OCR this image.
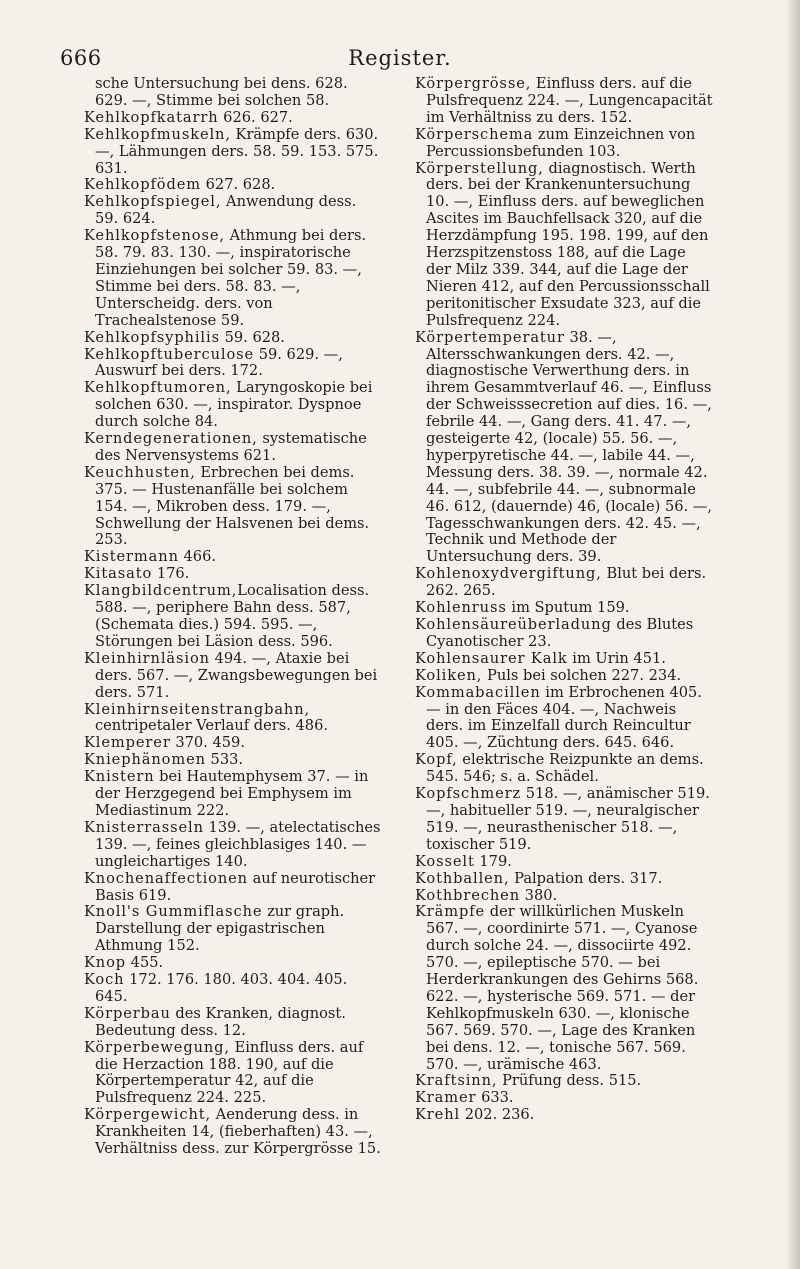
666	Register.

sche Untersuchung bei dens. 628. 629. —, Stimme bei solchen 58.

Kehlkopfkatarrh 626. 627.

Kehlkopfmuskeln, Krämpfe ders. 630. —, Lähmungen ders. 58. 59. 153. 575. 631.

Kehlkopfödem 627. 628.

Kehlkopfspiegel, Anwendung dess. 59. 624.

Kehlkopfstenose, Athmung bei ders. 58. 79. 83. 130. —, inspiratorische Einziehungen bei solcher 59. 83. —, Stimme bei ders. 58. 83. —, Unterscheidg. ders. von Trachealstenose 59.

Kehlkopfsyphilis 59. 628.

Kehlkopftuberculose 59. 629. —, Auswurf bei ders. 172.

Kehlkopftumoren, Laryngoskopie bei solchen 630. —, inspirator. Dyspnoe durch solche 84.

Kerndegenerationen, systematische des Nervensystems 621.

Keuchhusten, Erbrechen bei dems. 375. — Hustenanfälle bei solchem 154. —, Mikroben dess. 179. —, Schwellung der Halsvenen bei dems. 253.

Kistermann 466.

Kitasato 176.

Klangbildcentrum,Localisation dess. 588. —, periphere Bahn dess. 587, (Schemata dies.) 594. 595. —, Störungen bei Läsion dess. 596.

Kleinhirnläsion 494. —, Ataxie bei ders. 567. —, Zwangsbewegungen bei ders. 571.

Kleinhirnseitenstrangbahn, centripetaler Verlauf ders. 486.

Klemperer 370. 459.

Kniephänomen 533.

Knistern bei Hautemphysem 37. — in der Herzgegend bei Emphysem im Mediastinum 222.

Knisterrasseln 139. —, atelectatisches 139. —, feines gleichblasiges 140. — ungleichartiges 140.

Knochenaffectionen auf neurotischer Basis 619.

Knoll's Gummiflasche zur graph. Darstellung der epigastrischen Athmung 152.

Knop 455.

Koch 172. 176. 180. 403. 404. 405. 645.

Körperbau des Kranken, diagnost. Bedeutung dess. 12.

Körperbewegung, Einfluss ders. auf die Herzaction 188. 190, auf die Körpertemperatur 42, auf die Pulsfrequenz 224. 225.

Körpergewicht, Aenderung dess. in Krankheiten 14, (fieberhaften) 43. —, Verhältniss dess. zur Körpergrösse 15.

Körpergrösse, Einfluss ders. auf die Pulsfrequenz 224. —, Lungencapacität im Verhältniss zu ders. 152.

Körperschema zum Einzeichnen von Percussionsbefunden 103.

Körperstellung, diagnostisch. Werth ders. bei der Krankenuntersuchung 10. —, Einfluss ders. auf beweglichen Ascites im Bauchfellsack 320, auf die Herzdämpfung 195. 198. 199, auf den Herzspitzenstoss 188, auf die Lage der Milz 339. 344, auf die Lage der Nieren 412, auf den Percussionsschall peritonitischer Exsudate 323, auf die Pulsfrequenz 224.

Körpertemperatur 38. —, Altersschwankungen ders. 42. —, diagnostische Verwerthung ders. in ihrem Gesammtverlauf 46. —, Einfluss der Schweisssecretion auf dies. 16. —, febrile 44. —, Gang ders. 41. 47. —, gesteigerte 42, (locale) 55. 56. —, hyperpyretische 44. —, labile 44. —, Messung ders. 38. 39. —, normale 42. 44. —, subfebrile 44. —, subnormale 46. 612, (dauernde) 46, (locale) 56. —, Tagesschwankungen ders. 42. 45. —, Technik und Methode der Untersuchung ders. 39.

Kohlenoxydvergiftung, Blut bei ders. 262. 265.

Kohlenruss im Sputum 159.

Kohlensäureüberladung des Blutes Cyanotischer 23.

Kohlensaurer Kalk im Urin 451.

Koliken, Puls bei solchen 227. 234.

Kommabacillen im Erbrochenen 405. — in den Fäces 404. —, Nachweis ders. im Einzelfall durch Reincultur 405. —, Züchtung ders. 645. 646.

Kopf, elektrische Reizpunkte an dems. 545. 546; s. a. Schädel.

Kopfschmerz 518. —, anämischer 519. —, habitueller 519. —, neuralgischer 519. —, neurasthenischer 518. —, toxischer 519.

Kosselt 179.

Kothballen, Palpation ders. 317.

Kothbrechen 380.

Krämpfe der willkürlichen Muskeln 567. —, coordinirte 571. —, Cyanose durch solche 24. —, dissociirte 492. 570. —, epileptische 570. — bei Herderkrankungen des Gehirns 568. 622. —, hysterische 569. 571. — der Kehlkopfmuskeln 630. —, klonische 567. 569. 570. —, Lage des Kranken bei dens. 12. —, tonische 567. 569. 570. —, urämische 463.

Kraftsinn, Prüfung dess. 515.

Kramer 633.

Krehl 202. 236.
